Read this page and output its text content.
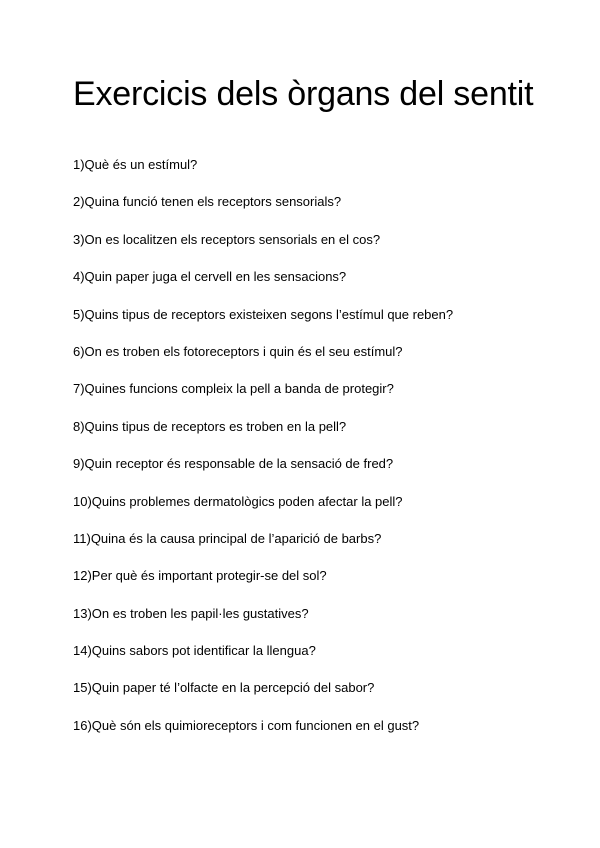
Exercicis dels òrgans del sentit
1)Què és un estímul?
2)Quina funció tenen els receptors sensorials?
3)On es localitzen els receptors sensorials en el cos?
4)Quin paper juga el cervell en les sensacions?
5)Quins tipus de receptors existeixen segons l’estímul que reben?
6)On es troben els fotoreceptors i quin és el seu estímul?
7)Quines funcions compleix la pell a banda de protegir?
8)Quins tipus de receptors es troben en la pell?
9)Quin receptor és responsable de la sensació de fred?
10)Quins problemes dermatològics poden afectar la pell?
11)Quina és la causa principal de l’aparició de barbs?
12)Per què és important protegir-se del sol?
13)On es troben les papil·les gustatives?
14)Quins sabors pot identificar la llengua?
15)Quin paper té l’olfacte en la percepció del sabor?
16)Què són els quimioreceptors i com funcionen en el gust?
